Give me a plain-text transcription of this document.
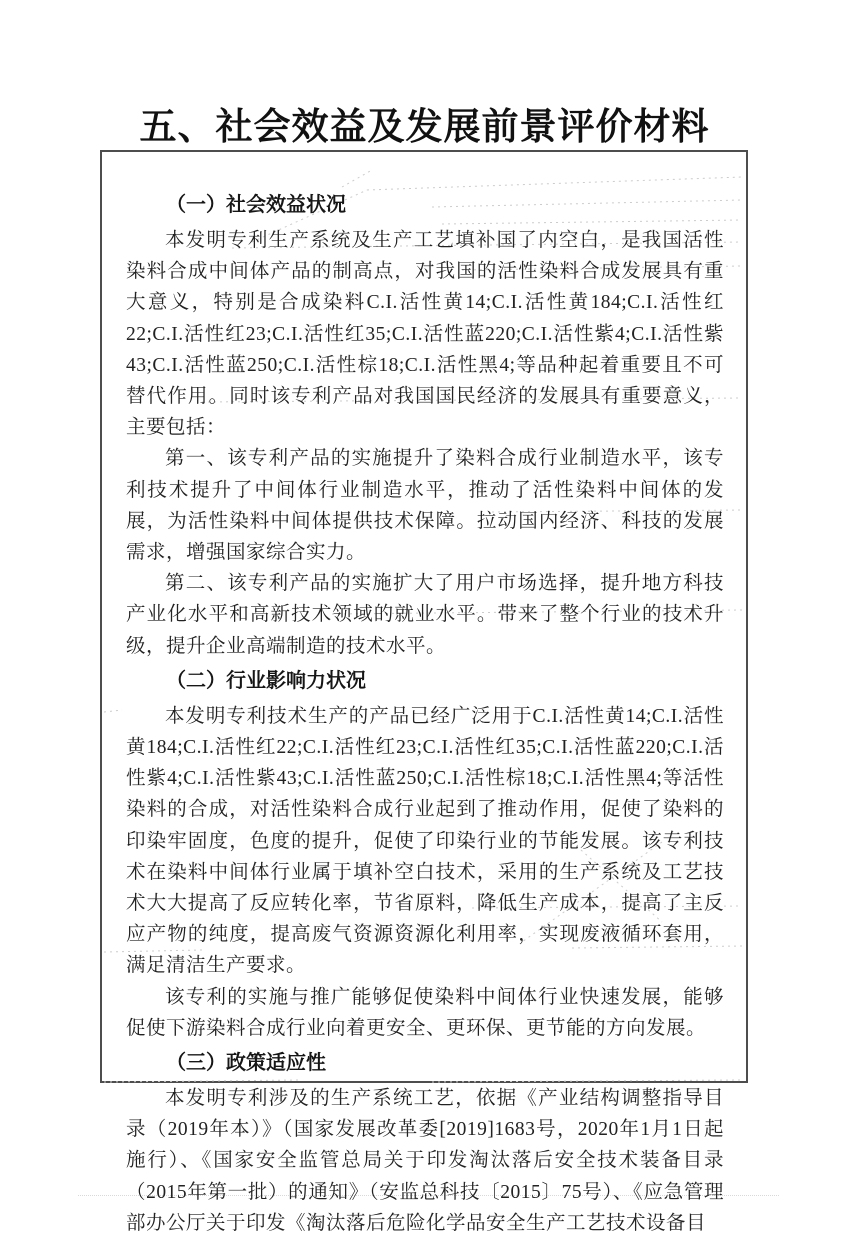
五、社会效益及发展前景评价材料
（一）社会效益状况

本发明专利生产系统及生产工艺填补国了内空白，是我国活性染料合成中间体产品的制高点，对我国的活性染料合成发展具有重大意义，特别是合成染料C.I.活性黄14;C.I.活性黄184;C.I.活性红22;C.I.活性红23;C.I.活性红35;C.I.活性蓝220;C.I.活性紫4;C.I.活性紫43;C.I.活性蓝250;C.I.活性棕18;C.I.活性黑4;等品种起着重要且不可替代作用。同时该专利产品对我国国民经济的发展具有重要意义，主要包括：

第一、该专利产品的实施提升了染料合成行业制造水平，该专利技术提升了中间体行业制造水平，推动了活性染料中间体的发展，为活性染料中间体提供技术保障。拉动国内经济、科技的发展需求，增强国家综合实力。

第二、该专利产品的实施扩大了用户市场选择，提升地方科技产业化水平和高新技术领域的就业水平。带来了整个行业的技术升级，提升企业高端制造的技术水平。

（二）行业影响力状况

本发明专利技术生产的产品已经广泛用于C.I.活性黄14;C.I.活性黄184;C.I.活性红22;C.I.活性红23;C.I.活性红35;C.I.活性蓝220;C.I.活性紫4;C.I.活性紫43;C.I.活性蓝250;C.I.活性棕18;C.I.活性黑4;等活性染料的合成，对活性染料合成行业起到了推动作用，促使了染料的印染牢固度，色度的提升，促使了印染行业的节能发展。该专利技术在染料中间体行业属于填补空白技术，采用的生产系统及工艺技术大大提高了反应转化率，节省原料，降低生产成本，提高了主反应产物的纯度，提高废气资源资源化利用率，实现废液循环套用，满足清洁生产要求。

该专利的实施与推广能够促使染料中间体行业快速发展，能够促使下游染料合成行业向着更安全、更环保、更节能的方向发展。

（三）政策适应性

本发明专利涉及的生产系统工艺，依据《产业结构调整指导目录（2019年本）》（国家发展改革委[2019]1683号，2020年1月1日起施行）、《国家安全监管总局关于印发淘汰落后安全技术装备目录（2015年第一批）的通知》（安监总科技〔2015〕75号）、《应急管理部办公厅关于印发《淘汰落后危险化学品安全生产工艺技术设备目
